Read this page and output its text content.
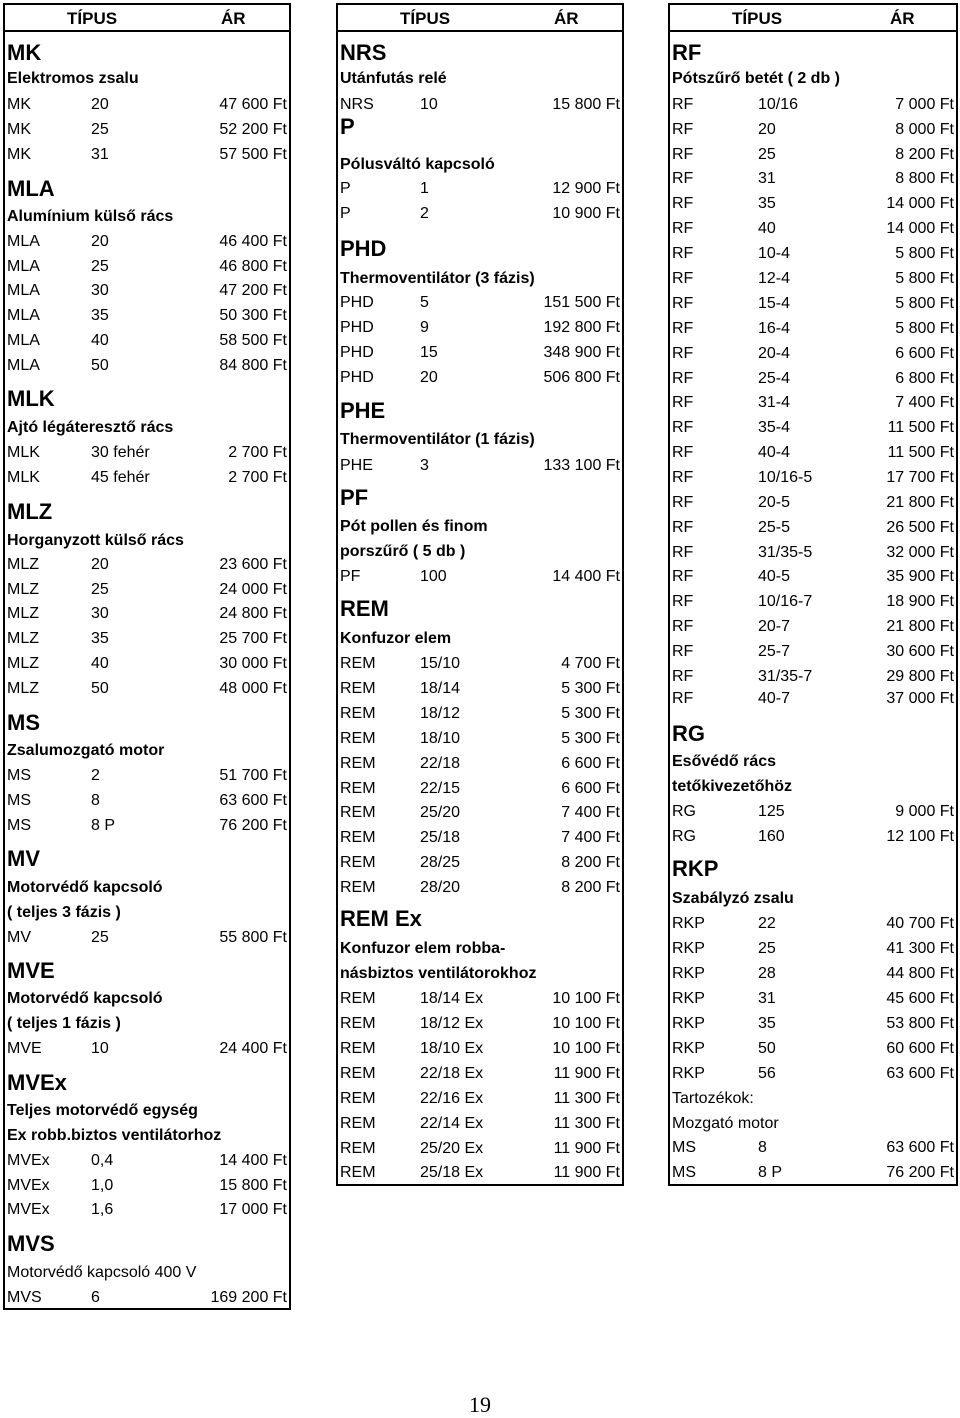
TÍPUS	ÁR
MK
Elektromos zsalu
MK	20	47 600 Ft
MK	25	52 200 Ft
MK	31	57 500 Ft
MLA
Alumínium külső rács
MLA	20	46 400 Ft
MLA	25	46 800 Ft
MLA	30	47 200 Ft
MLA	35	50 300 Ft
MLA	40	58 500 Ft
MLA	50	84 800 Ft
MLK
Ajtó légáteresztő rács
MLK	30 fehér	2 700 Ft
MLK	45 fehér	2 700 Ft
MLZ
Horganyzott külső rács
MLZ	20	23 600 Ft
MLZ	25	24 000 Ft
MLZ	30	24 800 Ft
MLZ	35	25 700 Ft
MLZ	40	30 000 Ft
MLZ	50	48 000 Ft
MS
Zsalumozgató motor
MS	2	51 700 Ft
MS	8	63 600 Ft
MS	8 P	76 200 Ft
MV
Motorvédő kapcsoló
( teljes 3 fázis )
MV	25	55 800 Ft
MVE
Motorvédő kapcsoló
( teljes 1 fázis )
MVE	10	24 400 Ft
MVEx
Teljes motorvédő egység
Ex robb.biztos ventilátorhoz
MVEx	0,4	14 400 Ft
MVEx	1,0	15 800 Ft
MVEx	1,6	17 000 Ft
MVS
Motorvédő kapcsoló 400 V
MVS	6	169 200 Ft
TÍPUS	ÁR
NRS
Utánfutás relé
NRS	10	15 800 Ft
P
Pólusváltó kapcsoló
P	1	12 900 Ft
P	2	10 900 Ft
PHD
Thermoventilátor (3 fázis)
PHD	5	151 500 Ft
PHD	9	192 800 Ft
PHD	15	348 900 Ft
PHD	20	506 800 Ft
PHE
Thermoventilátor (1 fázis)
PHE	3	133 100 Ft
PF
Pót pollen és finom
porszűrő ( 5 db )
PF	100	14 400 Ft
REM
Konfuzor elem
REM	15/10	4 700 Ft
REM	18/14	5 300 Ft
REM	18/12	5 300 Ft
REM	18/10	5 300 Ft
REM	22/18	6 600 Ft
REM	22/15	6 600 Ft
REM	25/20	7 400 Ft
REM	25/18	7 400 Ft
REM	28/25	8 200 Ft
REM	28/20	8 200 Ft
REM Ex
Konfuzor elem robba-
násbiztos ventilátorokhoz
REM	18/14 Ex	10 100 Ft
REM	18/12 Ex	10 100 Ft
REM	18/10 Ex	10 100 Ft
REM	22/18 Ex	11 900 Ft
REM	22/16 Ex	11 300 Ft
REM	22/14 Ex	11 300 Ft
REM	25/20 Ex	11 900 Ft
REM	25/18 Ex	11 900 Ft
TÍPUS	ÁR
RF
Pótszűrő betét ( 2 db )
RF	10/16	7 000 Ft
RF	20	8 000 Ft
RF	25	8 200 Ft
RF	31	8 800 Ft
RF	35	14 000 Ft
RF	40	14 000 Ft
RF	10-4	5 800 Ft
RF	12-4	5 800 Ft
RF	15-4	5 800 Ft
RF	16-4	5 800 Ft
RF	20-4	6 600 Ft
RF	25-4	6 800 Ft
RF	31-4	7 400 Ft
RF	35-4	11 500 Ft
RF	40-4	11 500 Ft
RF	10/16-5	17 700 Ft
RF	20-5	21 800 Ft
RF	25-5	26 500 Ft
RF	31/35-5	32 000 Ft
RF	40-5	35 900 Ft
RF	10/16-7	18 900 Ft
RF	20-7	21 800 Ft
RF	25-7	30 600 Ft
RF	31/35-7	29 800 Ft
RF	40-7	37 000 Ft
RG
Esővédő rács
tetőkivezetőhöz
RG	125	9 000 Ft
RG	160	12 100 Ft
RKP
Szabályzó zsalu
RKP	22	40 700 Ft
RKP	25	41 300 Ft
RKP	28	44 800 Ft
RKP	31	45 600 Ft
RKP	35	53 800 Ft
RKP	50	60 600 Ft
RKP	56	63 600 Ft
Tartozékok:
Mozgató motor
MS	8	63 600 Ft
MS	8 P	76 200 Ft
19
